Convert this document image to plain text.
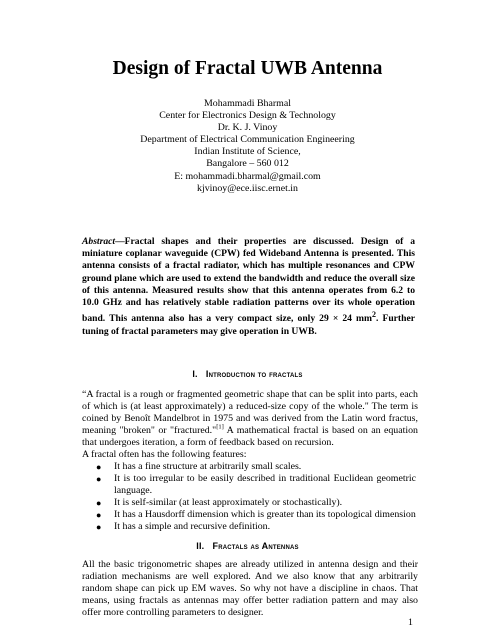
Design of Fractal UWB Antenna
Mohammadi Bharmal
Center for Electronics Design & Technology
Dr. K. J. Vinoy
Department of Electrical Communication Engineering
Indian Institute of Science,
Bangalore – 560 012
E: mohammadi.bharmal@gmail.com
kjvinoy@ece.iisc.ernet.in

Abstract—Fractal shapes and their properties are discussed. Design of a miniature coplanar waveguide (CPW) fed Wideband Antenna is presented. This antenna consists of a fractal radiator, which has multiple resonances and CPW ground plane which are used to extend the bandwidth and reduce the overall size of this antenna. Measured results show that this antenna operates from 6.2 to 10.0 GHz and has relatively stable radiation patterns over its whole operation band. This antenna also has a very compact size, only 29 × 24 $mm^2$. Further tuning of fractal parameters may give operation in UWB.

I. Introduction to fractals

“A fractal is a rough or fragmented geometric shape that can be split into parts, each of which is (at least approximately) a reduced-size copy of the whole." The term is coined by Benoît Mandelbrot in 1975 and was derived from the Latin word fractus, meaning "broken" or "fractured."[1] A mathematical fractal is based on an equation that undergoes iteration, a form of feedback based on recursion.

A fractal often has the following features:

● It has a fine structure at arbitrarily small scales.
● It is too irregular to be easily described in traditional Euclidean geometric language.
● It is self-similar (at least approximately or stochastically).
● It has a Hausdorff dimension which is greater than its topological dimension
● It has a simple and recursive definition.
II. Fractals as Antennas

All the basic trigonometric shapes are already utilized in antenna design and their radiation mechanisms are well explored. And we also know that any arbitrarily random shape can pick up EM waves. So why not have a discipline in chaos. That means, using fractals as antennas may offer better radiation pattern and may also offer more controlling parameters to designer.

1
